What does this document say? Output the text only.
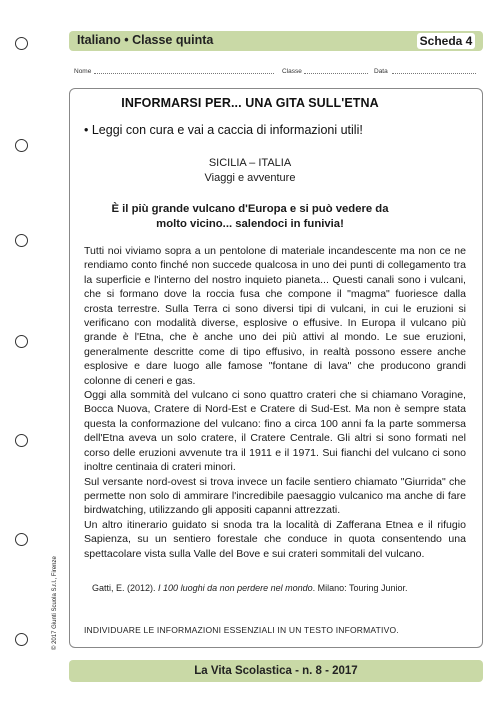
Italiano • Classe quinta	Scheda 4
Nome	Classe	Data
INFORMARSI PER... UNA GITA SULL'ETNA
• Leggi con cura e vai a caccia di informazioni utili!
SICILIA – ITALIA
Viaggi e avventure
È il più grande vulcano d'Europa e si può vedere da molto vicino... salendoci in funivia!

Tutti noi viviamo sopra a un pentolone di materiale incandescente ma non ce ne rendiamo conto finché non succede qualcosa in uno dei punti di collegamento tra la superficie e l'interno del nostro inquieto pianeta... Questi canali sono i vulcani, che si formano dove la roccia fusa che compone il "magma" fuoriesce dalla crosta terrestre. Sulla Terra ci sono diversi tipi di vulcani, in cui le eruzioni si verificano con modalità diverse, esplosive o effusive. In Europa il vulcano più grande è l'Etna, che è anche uno dei più attivi al mondo. Le sue eruzioni, generalmente descritte come di tipo effusivo, in realtà possono essere anche esplosive e dare luogo alle famose "fontane di lava" che producono grandi colonne di ceneri e gas.

Oggi alla sommità del vulcano ci sono quattro crateri che si chiamano Voragine, Bocca Nuova, Cratere di Nord-Est e Cratere di Sud-Est. Ma non è sempre stata questa la conformazione del vulcano: fino a circa 100 anni fa la parte sommersa dell'Etna aveva un solo cratere, il Cratere Centrale. Gli altri si sono formati nel corso delle eruzioni avvenute tra il 1911 e il 1971. Sui fianchi del vulcano ci sono inoltre centinaia di crateri minori.

Sul versante nord-ovest si trova invece un facile sentiero chiamato "Giurrida" che permette non solo di ammirare l'incredibile paesaggio vulcanico ma anche di fare birdwatching, utilizzando gli appositi capanni attrezzati.

Un altro itinerario guidato si snoda tra la località di Zafferana Etnea e il rifugio Sapienza, su un sentiero forestale che conduce in quota consentendo una spettacolare vista sulla Valle del Bove e sui crateri sommitali del vulcano.

Gatti, E. (2012). I 100 luoghi da non perdere nel mondo. Milano: Touring Junior.
INDIVIDUARE LE INFORMAZIONI ESSENZIALI IN UN TESTO INFORMATIVO.
© 2017 Giunti Scuola S.r.l., Firenze
La Vita Scolastica - n. 8 - 2017
